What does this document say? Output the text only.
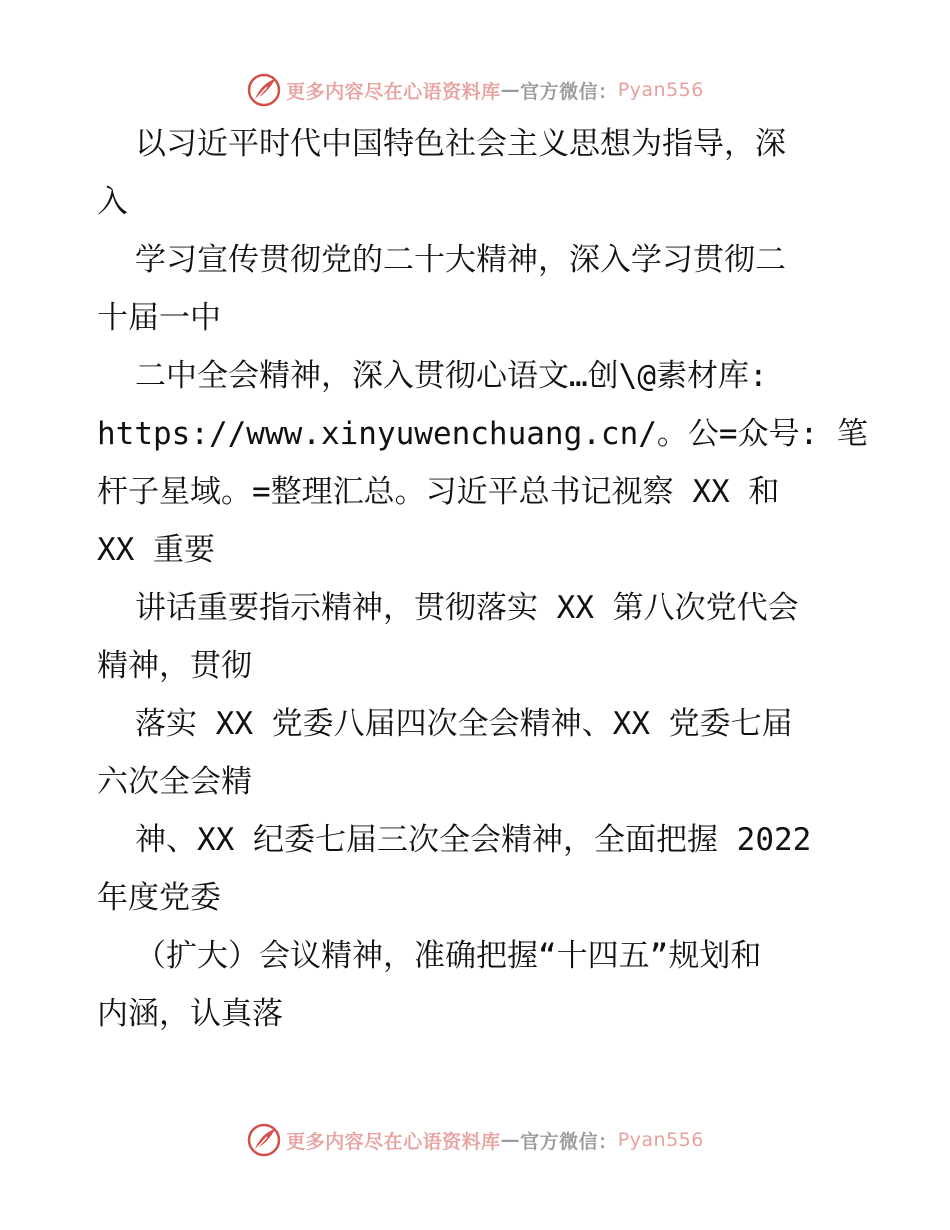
更多内容尽在心语资料库 — 官方微信： Pyan556

以习近平时代中国特色社会主义思想为指导，深

入

学习宣传贯彻党的二十大精神，深入学习贯彻二

十届一中

二中全会精神，深入贯彻心语文…创\@素材库:

https://www.xinyuwenchuang.cn/。公=众号: 笔

杆子星域。=整理汇总。习近平总书记视察 XX 和

XX 重要

讲话重要指示精神，贯彻落实 XX 第八次党代会

精神，贯彻

落实 XX 党委八届四次全会精神、XX 党委七届

六次全会精

神、XX 纪委七届三次全会精神，全面把握 2022

年度党委

（扩大）会议精神，准确把握“十四五”规划和

内涵，认真落

更多内容尽在心语资料库 — 官方微信： Pyan556
